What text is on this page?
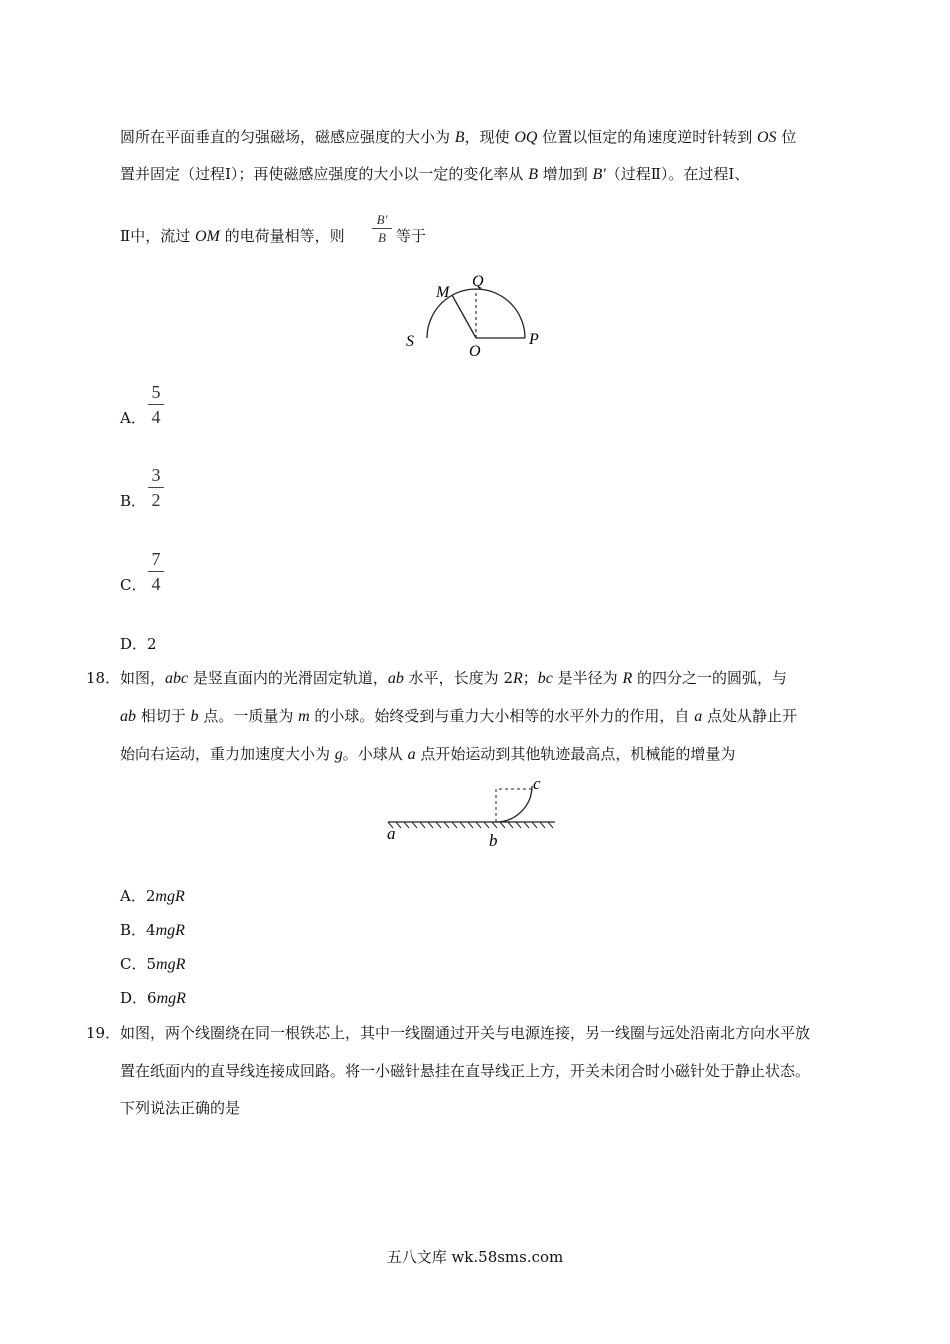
圆所在平面垂直的匀强磁场，磁感应强度的大小为 B，现使 OQ 位置以恒定的角速度逆时针转到 OS 位
置并固定（过程Ⅰ）；再使磁感应强度的大小以一定的变化率从 B 增加到 B'（过程Ⅱ）。在过程Ⅰ、
Ⅱ中，流过 OM 的电荷量相等，则
B'
B 等于
M
Q
S
O
P
A．
5
4
B．
3
2
C．
7
4
D．2
18． 如图，abc 是竖直面内的光滑固定轨道，ab 水平，长度为 2R；bc 是半径为 R 的四分之一的圆弧，与
ab 相切于 b 点。一质量为 m 的小球。始终受到与重力大小相等的水平外力的作用，自 a 点处从静止开
始向右运动，重力加速度大小为 g。小球从 a 点开始运动到其他轨迹最高点，机械能的增量为
a	b
c
A．2mgR
B．4mgR
C．5mgR
D．6mgR
19． 如图，两个线圈绕在同一根铁芯上，其中一线圈通过开关与电源连接，另一线圈与远处沿南北方向水平放
置在纸面内的直导线连接成回路。将一小磁针悬挂在直导线正上方，开关未闭合时小磁针处于静止状态。
下列说法正确的是
五八文库 wk.58sms.com
